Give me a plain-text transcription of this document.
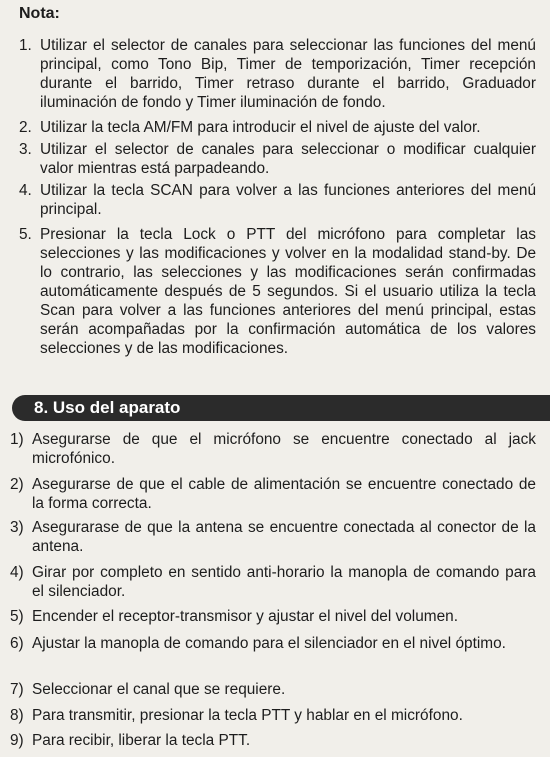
Nota:
1. Utilizar el selector de canales para seleccionar las funciones del menú principal, como Tono Bip, Timer de temporización, Timer recepción durante el barrido, Timer retraso durante el barrido, Graduador iluminación de fondo y Timer iluminación de fondo.
2. Utilizar la tecla AM/FM para introducir el nivel de ajuste del valor.
3. Utilizar el selector de canales para seleccionar o modificar cualquier valor mientras está parpadeando.
4. Utilizar la tecla SCAN para volver a las funciones anteriores del menú principal.
5. Presionar la tecla Lock o PTT del micrófono para completar las selecciones y las modificaciones y volver en la modalidad stand-by. De lo contrario, las selecciones y las modificaciones serán confirmadas automáticamente después de 5 segundos. Si el usuario utiliza la tecla Scan para volver a las funciones anteriores del menú principal, estas serán acompañadas por la confirmación automática de los valores selecciones y de las modificaciones.
8. Uso del aparato
1) Asegurarse de que el micrófono se encuentre conectado al jack microfónico.
2) Asegurarse de que el cable de alimentación se encuentre conectado de la forma correcta.
3) Asegurarase de que la antena se encuentre conectada al conector de la antena.
4) Girar por completo en sentido anti-horario la manopla de comando para el silenciador.
5) Encender el receptor-transmisor y ajustar el nivel del volumen.
6) Ajustar la manopla de comando para el silenciador en el nivel óptimo.
7) Seleccionar el canal que se requiere.
8) Para transmitir, presionar la tecla PTT y hablar en el micrófono.
9) Para recibir, liberar la tecla PTT.
